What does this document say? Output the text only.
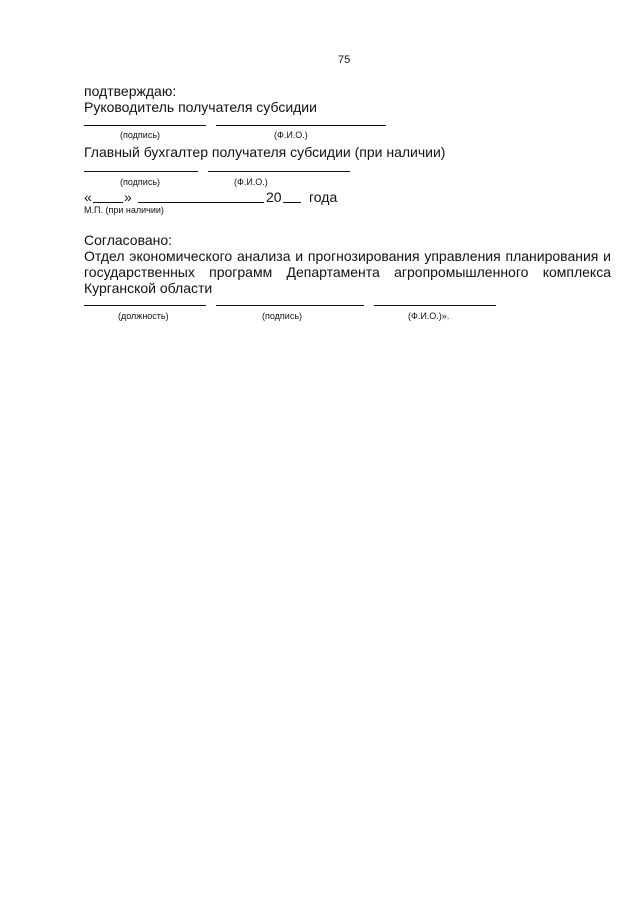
75
подтверждаю:
Руководитель получателя субсидии
(подпись)	(Ф.И.О.)
Главный бухгалтер получателя субсидии (при наличии)
(подпись)	(Ф.И.О.)
« »	20 года
М.П. (при наличии)
Согласовано:
Отдел экономического анализа и прогнозирования управления планирования и
государственных программ Департамента агропромышленного комплекса
Курганской области
(должность)	(подпись)	(Ф.И.О.)».
